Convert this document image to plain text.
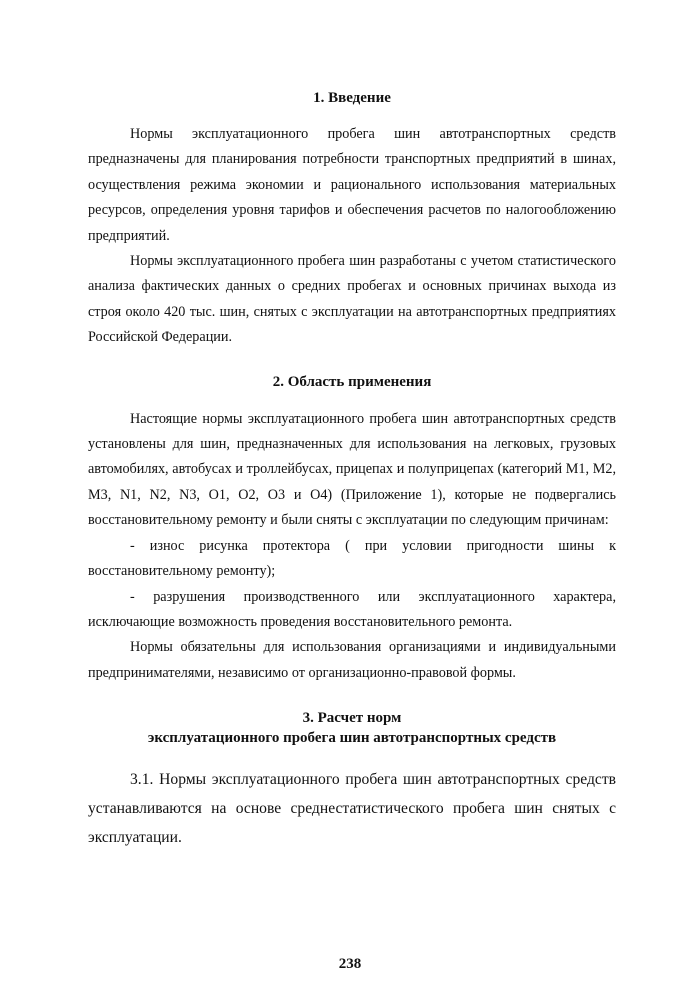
1. Введение

Нормы эксплуатационного пробега шин автотранспортных средств предназначены для планирования потребности транспортных предприятий в шинах, осуществления режима экономии и рационального использования материальных ресурсов, определения уровня тарифов и обеспечения расчетов по налогообложению предприятий.

Нормы эксплуатационного пробега шин разработаны с учетом статистического анализа фактических данных о средних пробегах и основных причинах выхода из строя около 420 тыс. шин, снятых с эксплуатации на автотранспортных предприятиях Российской Федерации.

2. Область применения

Настоящие нормы эксплуатационного пробега шин автотранспортных средств установлены для шин, предназначенных для использования на легковых, грузовых автомобилях, автобусах и троллейбусах, прицепах и полуприцепах (категорий M1, M2, M3, N1, N2, N3, O1, O2, O3 и O4) (Приложение 1), которые не подвергались восстановительному ремонту и были сняты с эксплуатации по следующим причинам:

- износ рисунка протектора ( при условии пригодности шины к восстановительному ремонту);

- разрушения производственного или эксплуатационного характера, исключающие возможность проведения восстановительного ремонта.

Нормы обязательны для использования организациями и индивидуальными предпринимателями, независимо от организационно-правовой формы.

3. Расчет норм
эксплуатационного пробега шин автотранспортных средств

3.1. Нормы эксплуатационного пробега шин автотранспортных средств устанавливаются на основе среднестатистического пробега шин снятых с эксплуатации.

238
